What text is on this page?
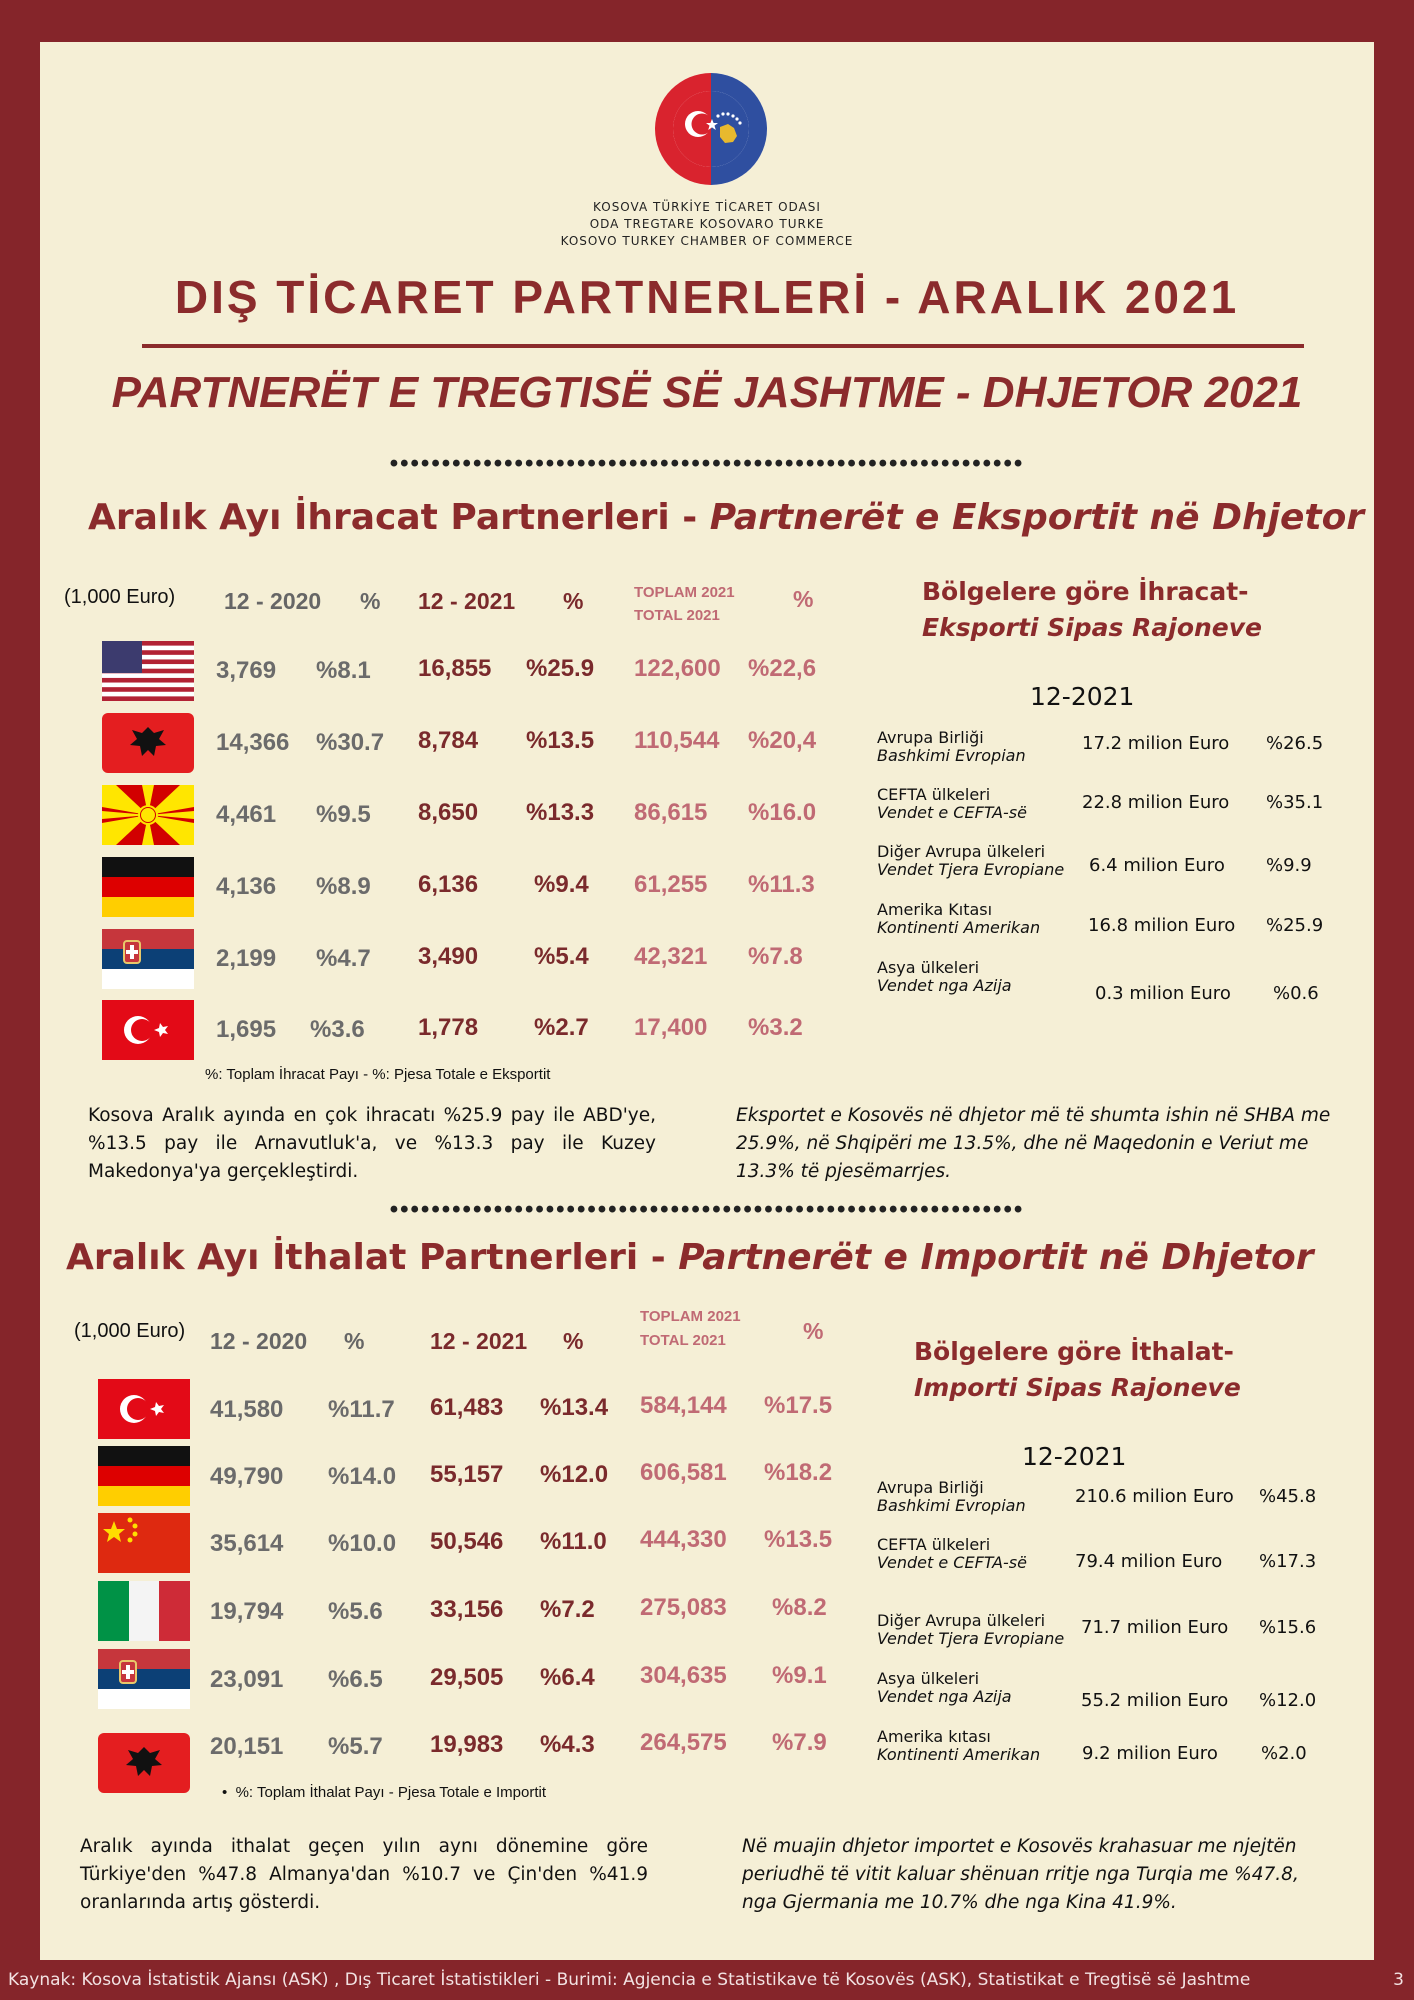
KOSOVA TÜRKİYE TİCARET ODASI
ODA TREGTARE KOSOVARO TURKE
KOSOVO TURKEY CHAMBER OF COMMERCE
DIŞ TİCARET PARTNERLERİ - ARALIK 2021
PARTNERËT E TREGTISË SË JASHTME - DHJETOR 2021
•••••••••••••••••••••••••••••••••••••••••••••••••••••••••••••
Aralık Ayı İhracat Partnerleri - Partnerët e Eksportit në Dhjetor
(1,000 Euro) 12 - 2020 % 12 - 2021 %	TOPLAM 2021
TOTAL 2021
%
3,769 %8.1 16,855 %25.9 122,600 %22,6
14,366 %30.7 8,784 %13.5 110,544 %20,4
4,461 %9.5 8,650 %13.3 86,615 %16.0
4,136 %8.9 6,136 %9.4 61,255 %11.3
2,199 %4.7 3,490 %5.4 42,321 %7.8
1,695 %3.6 1,778 %2.7 17,400 %3.2
%: Toplam İhracat Payı - %: Pjesa Totale e Eksportit
Bölgelere göre İhracat-
Eksporti Sipas Rajoneve
12-2021
Avrupa Birliği
Bashkimi Evropian
17.2 milion Euro %26.5
CEFTA ülkeleri
Vendet e CEFTA-së	22.8 milion Euro %35.1
Diğer Avrupa ülkeleri
Vendet Tjera Evropiane 6.4 milion Euro %9.9
Amerika Kıtası
Kontinenti Amerikan	16.8 milion Euro %25.9
Asya ülkeleri
Vendet nga Azija	0.3 milion Euro %0.6
Kosova Aralık ayında en çok ihracatı %25.9 pay ile ABD'ye, %13.5 pay ile Arnavutluk'a, ve %13.3 pay ile Kuzey Makedonya'ya gerçekleştirdi.
Eksportet e Kosovës në dhjetor më të shumta ishin në SHBA me 25.9%, në Shqipëri me 13.5%, dhe në Maqedonin e Veriut me 13.3% të pjesëmarrjes.
•••••••••••••••••••••••••••••••••••••••••••••••••••••••••••••
Aralık Ayı İthalat Partnerleri - Partnerët e Importit në Dhjetor
(1,000 Euro) 12 - 2020 %	12 - 2021 %
TOPLAM 2021
TOTAL 2021	%
41,580 %11.7 61,483 %13.4 584,144 %17.5
49,790 %14.0 55,157 %12.0 606,581 %18.2
35,614 %10.0 50,546 %11.0 444,330 %13.5
19,794 %5.6 33,156 %7.2 275,083 %8.2
23,091 %6.5 29,505 %6.4 304,635 %9.1
20,151 %5.7 19,983 %4.3 264,575 %7.9
•  %: Toplam İthalat Payı - Pjesa Totale e Importit
Bölgelere göre İthalat-
Importi Sipas Rajoneve
12-2021
Avrupa Birliği
Bashkimi Evropian	210.6 milion Euro %45.8
CEFTA ülkeleri
Vendet e CEFTA-së	79.4 milion Euro %17.3
Diğer Avrupa ülkeleri
Vendet Tjera Evropiane
71.7 milion Euro %15.6
Asya ülkeleri
Vendet nga Azija	55.2 milion Euro %12.0
Amerika kıtası
Kontinenti Amerikan 9.2 milion Euro %2.0
Aralık ayında ithalat geçen yılın aynı dönemine göre Türkiye'den %47.8 Almanya'dan %10.7 ve Çin'den %41.9 oranlarında artış gösterdi.
Në muajin dhjetor importet e Kosovës krahasuar me njejtën periudhë të vitit kaluar shënuan rritje nga Turqia me %47.8, nga Gjermania me 10.7% dhe nga Kina 41.9%.
Kaynak: Kosova İstatistik Ajansı (ASK) , Dış Ticaret İstatistikleri - Burimi: Agjencia e Statistikave të Kosovës (ASK), Statistikat e Tregtisë së Jashtme	3
